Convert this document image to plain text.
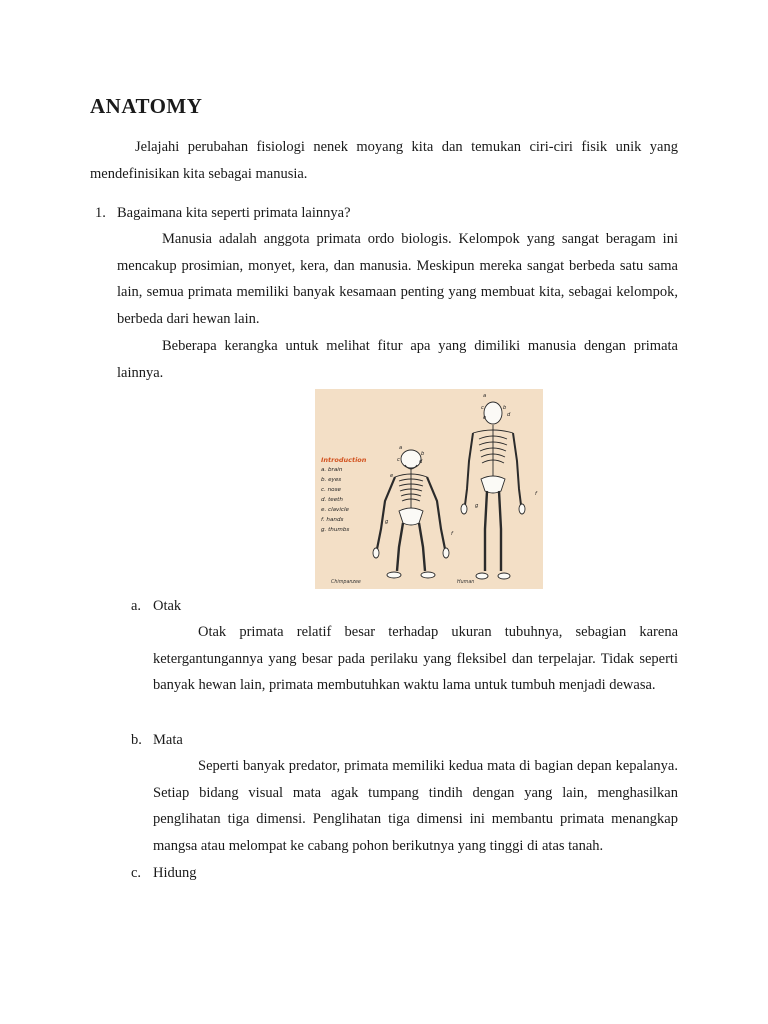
ANATOMY
Jelajahi perubahan fisiologi nenek moyang kita dan temukan ciri-ciri fisik unik yang mendefinisikan kita sebagai manusia.
1. Bagaimana kita seperti primata lainnya?
Manusia adalah anggota primata ordo biologis. Kelompok yang sangat beragam ini mencakup prosimian, monyet, kera, dan manusia. Meskipun mereka sangat berbeda satu sama lain, semua primata memiliki banyak kesamaan penting yang membuat kita, sebagai kelompok, berbeda dari hewan lain.
Beberapa kerangka untuk melihat fitur apa yang dimiliki manusia dengan primata lainnya.
Introduction
a. brain
b. eyes
c. nose
d. teeth
e. clavicle
f. hands
g. thumbs
a
b
c	d
e
f
g
a
b
c
d
e
f
g
Chimpanzee	Human
a. Otak
Otak primata relatif besar terhadap ukuran tubuhnya, sebagian karena ketergantungannya yang besar pada perilaku yang fleksibel dan terpelajar. Tidak seperti banyak hewan lain, primata membutuhkan waktu lama untuk tumbuh menjadi dewasa.
b. Mata
Seperti banyak predator, primata memiliki kedua mata di bagian depan kepalanya. Setiap bidang visual mata agak tumpang tindih dengan yang lain, menghasilkan penglihatan tiga dimensi. Penglihatan tiga dimensi ini membantu primata menangkap mangsa atau melompat ke cabang pohon berikutnya yang tinggi di atas tanah.
c. Hidung
